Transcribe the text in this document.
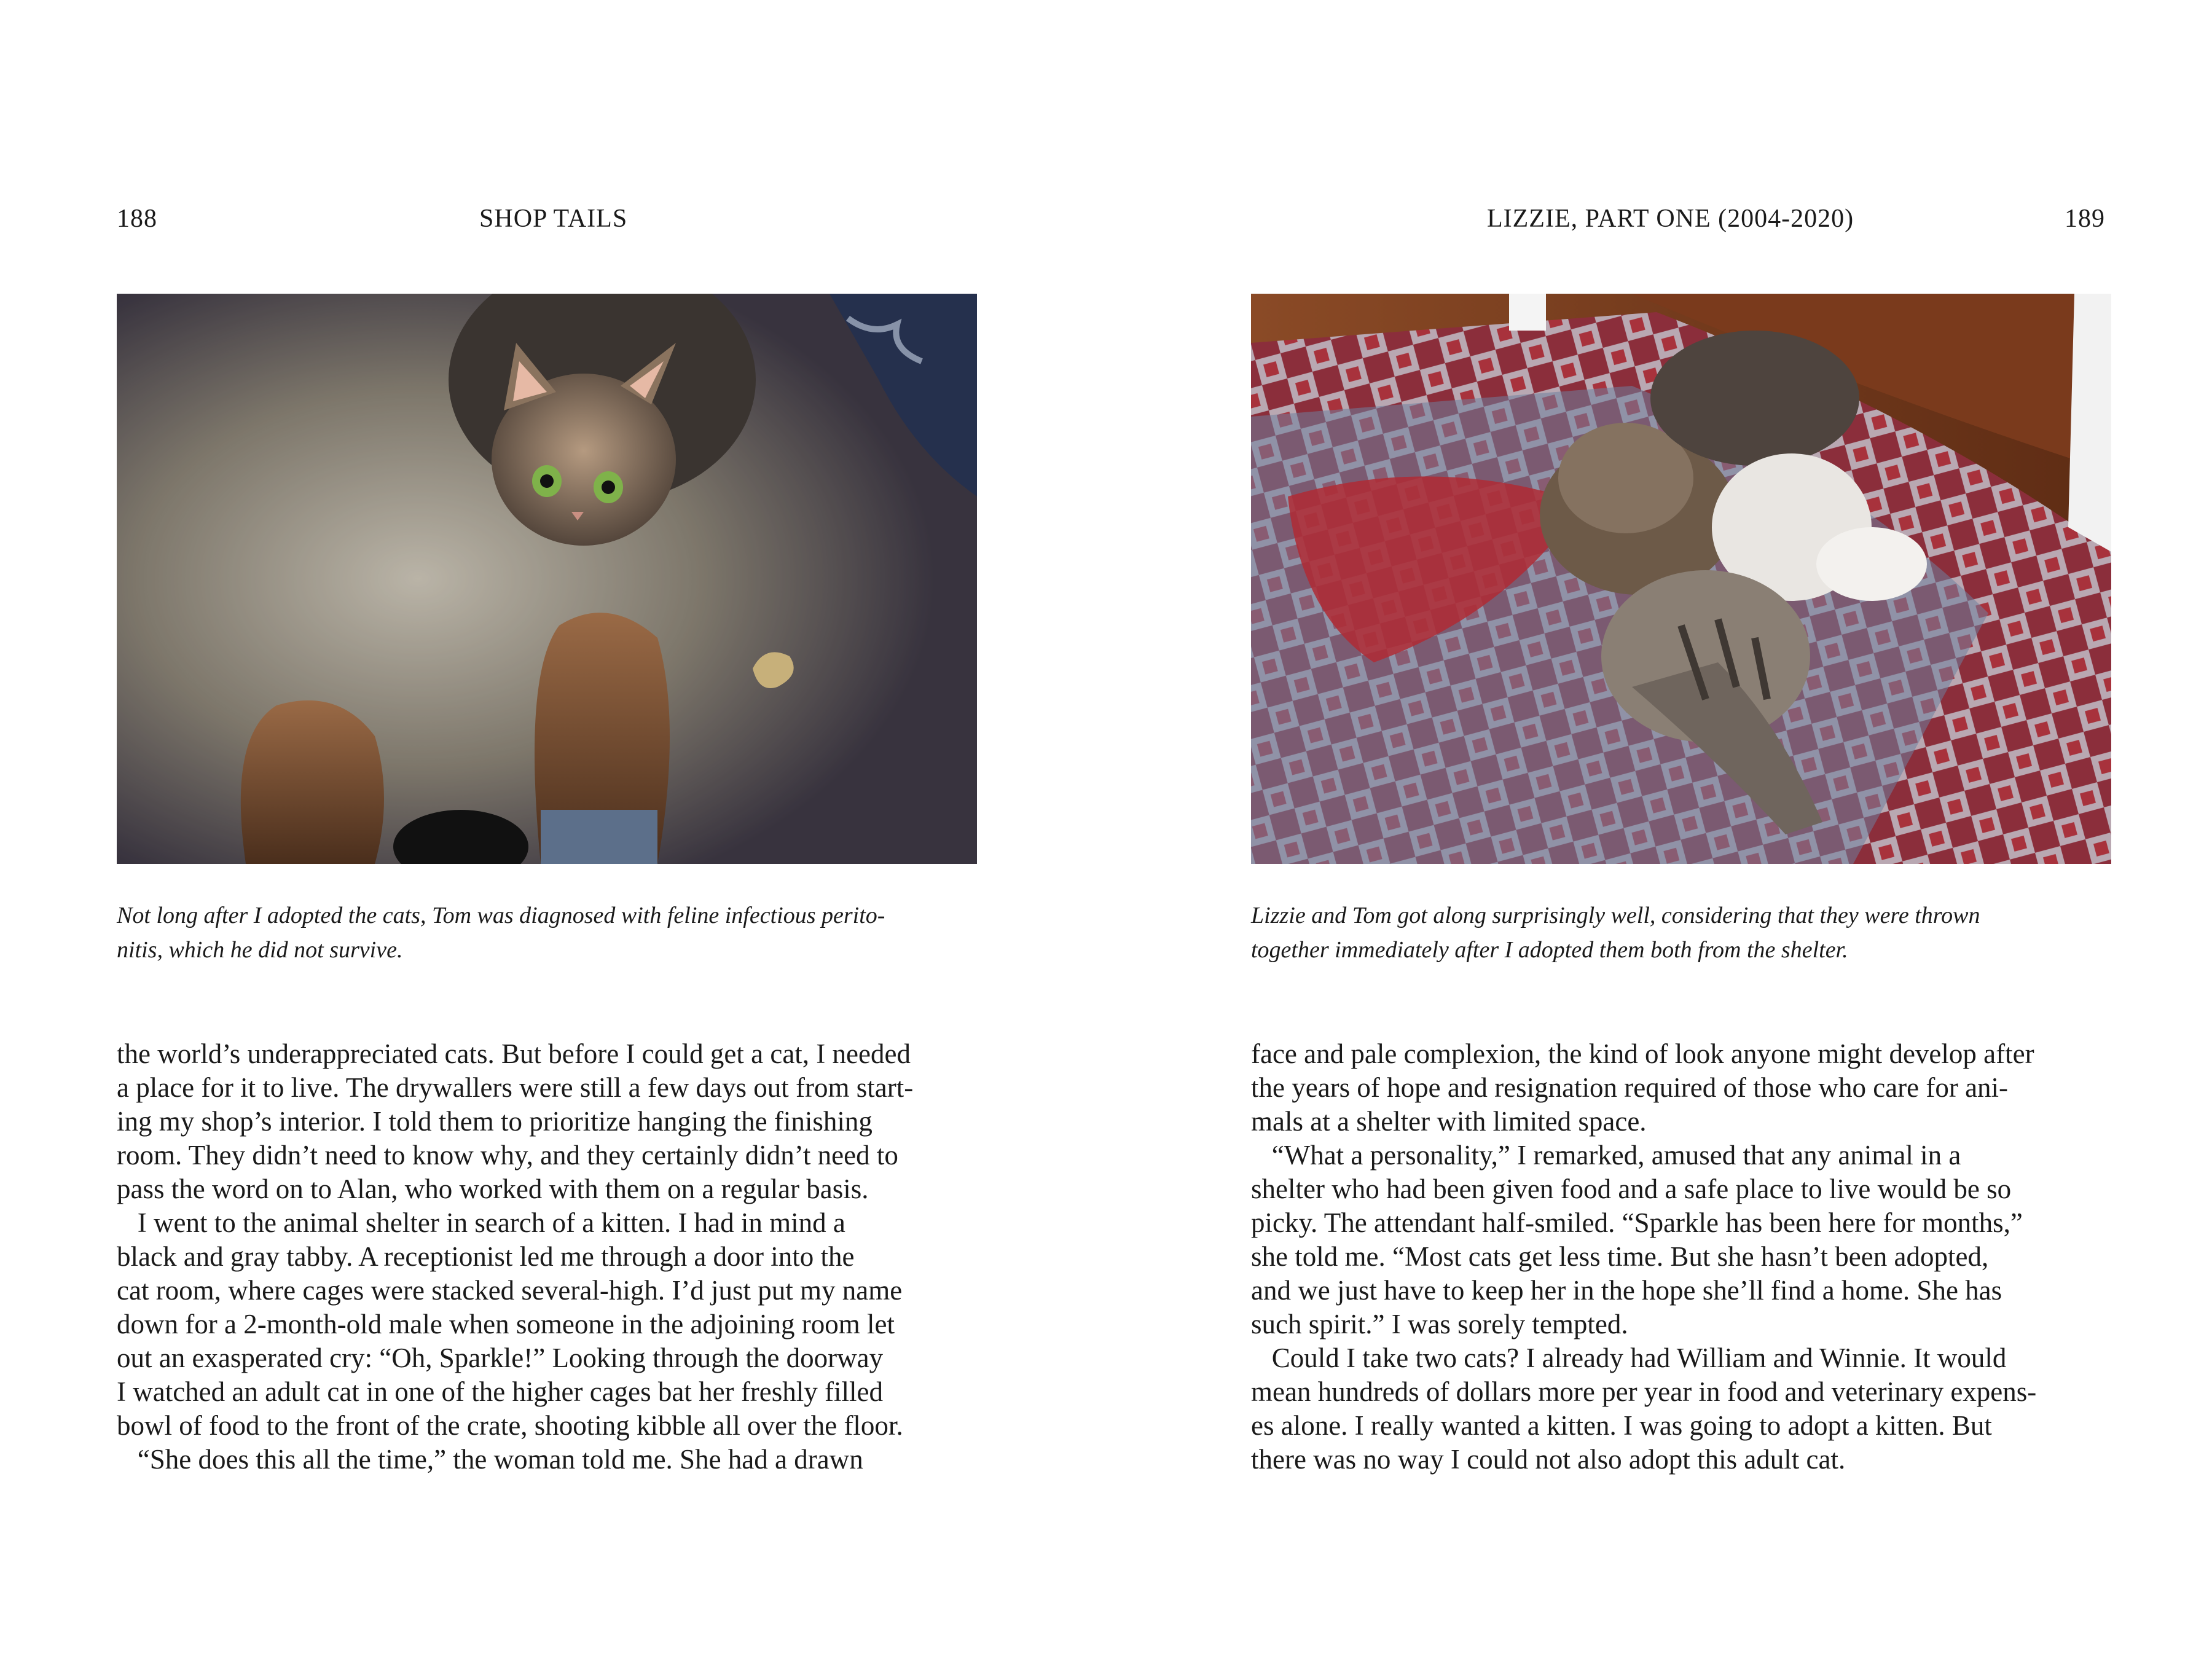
188	SHOP TAILS
Not long after I adopted the cats, Tom was diagnosed with feline infectious perito-
nitis, which he did not survive.
the world’s underappreciated cats. But before I could get a cat, I needed
a place for it to live. The drywallers were still a few days out from start-
ing my shop’s interior. I told them to prioritize hanging the finishing
room. They didn’t need to know why, and they certainly didn’t need to
pass the word on to Alan, who worked with them on a regular basis.
I went to the animal shelter in search of a kitten. I had in mind a
black and gray tabby. A receptionist led me through a door into the
cat room, where cages were stacked several-high. I’d just put my name
down for a 2-month-old male when someone in the adjoining room let
out an exasperated cry: “Oh, Sparkle!” Looking through the doorway
I watched an adult cat in one of the higher cages bat her freshly filled
bowl of food to the front of the crate, shooting kibble all over the floor.
“She does this all the time,” the woman told me. She had a drawn
LIZZIE, PART ONE (2004-2020)	189
Lizzie and Tom got along surprisingly well, considering that they were thrown
together immediately after I adopted them both from the shelter.
face and pale complexion, the kind of look anyone might develop after
the years of hope and resignation required of those who care for ani-
mals at a shelter with limited space.
“What a personality,” I remarked, amused that any animal in a
shelter who had been given food and a safe place to live would be so
picky. The attendant half-smiled. “Sparkle has been here for months,”
she told me. “Most cats get less time. But she hasn’t been adopted,
and we just have to keep her in the hope she’ll find a home. She has
such spirit.” I was sorely tempted.
Could I take two cats? I already had William and Winnie. It would
mean hundreds of dollars more per year in food and veterinary expens-
es alone. I really wanted a kitten. I was going to adopt a kitten. But
there was no way I could not also adopt this adult cat.
